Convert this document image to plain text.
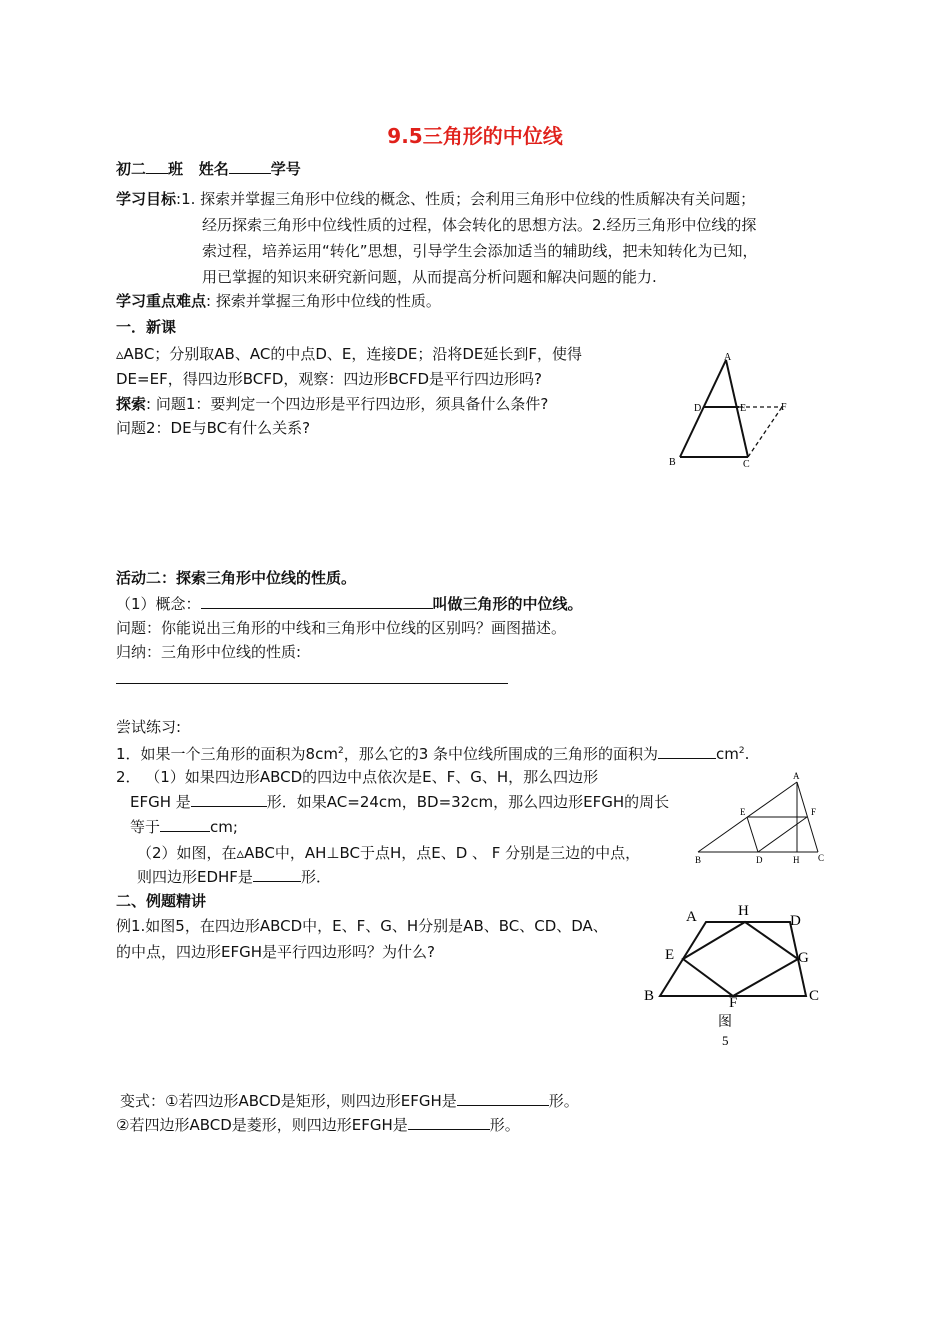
9.5三角形的中位线
初二 班 姓名	学号
学习目标:1. 探索并掌握三角形中位线的概念、性质；会利用三角形中位线的性质解决有关问题；
经历探索三角形中位线性质的过程，体会转化的思想方法。2.经历三角形中位线的探
索过程，培养运用“转化”思想，引导学生会添加适当的辅助线，把未知转化为已知，
用已掌握的知识来研究新问题，从而提高分析问题和解决问题的能力.
学习重点难点: 探索并掌握三角形中位线的性质。
一．新课
▵ABC；分别取AB、AC的中点D、E，连接DE；沿将DE延长到F，使得
DE=EF，得四边形BCFD，观察：四边形BCFD是平行四边形吗?
探索: 问题1：要判定一个四边形是平行四边形，须具备什么条件?
问题2：DE与BC有什么关系?
A
D	E	F
B	C
活动二：探索三角形中位线的性质。
（1）概念：	叫做三角形的中位线。
问题：你能说出三角形的中线和三角形中位线的区别吗？画图描述。
归纳：三角形中位线的性质:
尝试练习:
1．如果一个三角形的面积为$8cm^2$，那么它的3 条中位线所围成的三角形的面积为	$cm^2$.
2． （1）如果四边形ABCD的四边中点依次是E、F、G、H，那么四边形
EFGH 是	形．如果AC=24cm，BD=32cm，那么四边形EFGH的周长
等于	cm;
（2）如图，在▵ABC中，AH⊥BC于点H，点E、D 、 F 分别是三边的中点，
则四边形EDHF是	形．
A
E	F
B	D	H C
二、例题精讲
例1.如图5，在四边形ABCD中，E、F、G、H分别是AB、BC、CD、DA、
的中点，四边形EFGH是平行四边形吗？为什么?
A	H
D
E	G
B	F	C
图
5
变式：①若四边形ABCD是矩形，则四边形EFGH是	形。
②若四边形ABCD是菱形，则四边形EFGH是	形。
